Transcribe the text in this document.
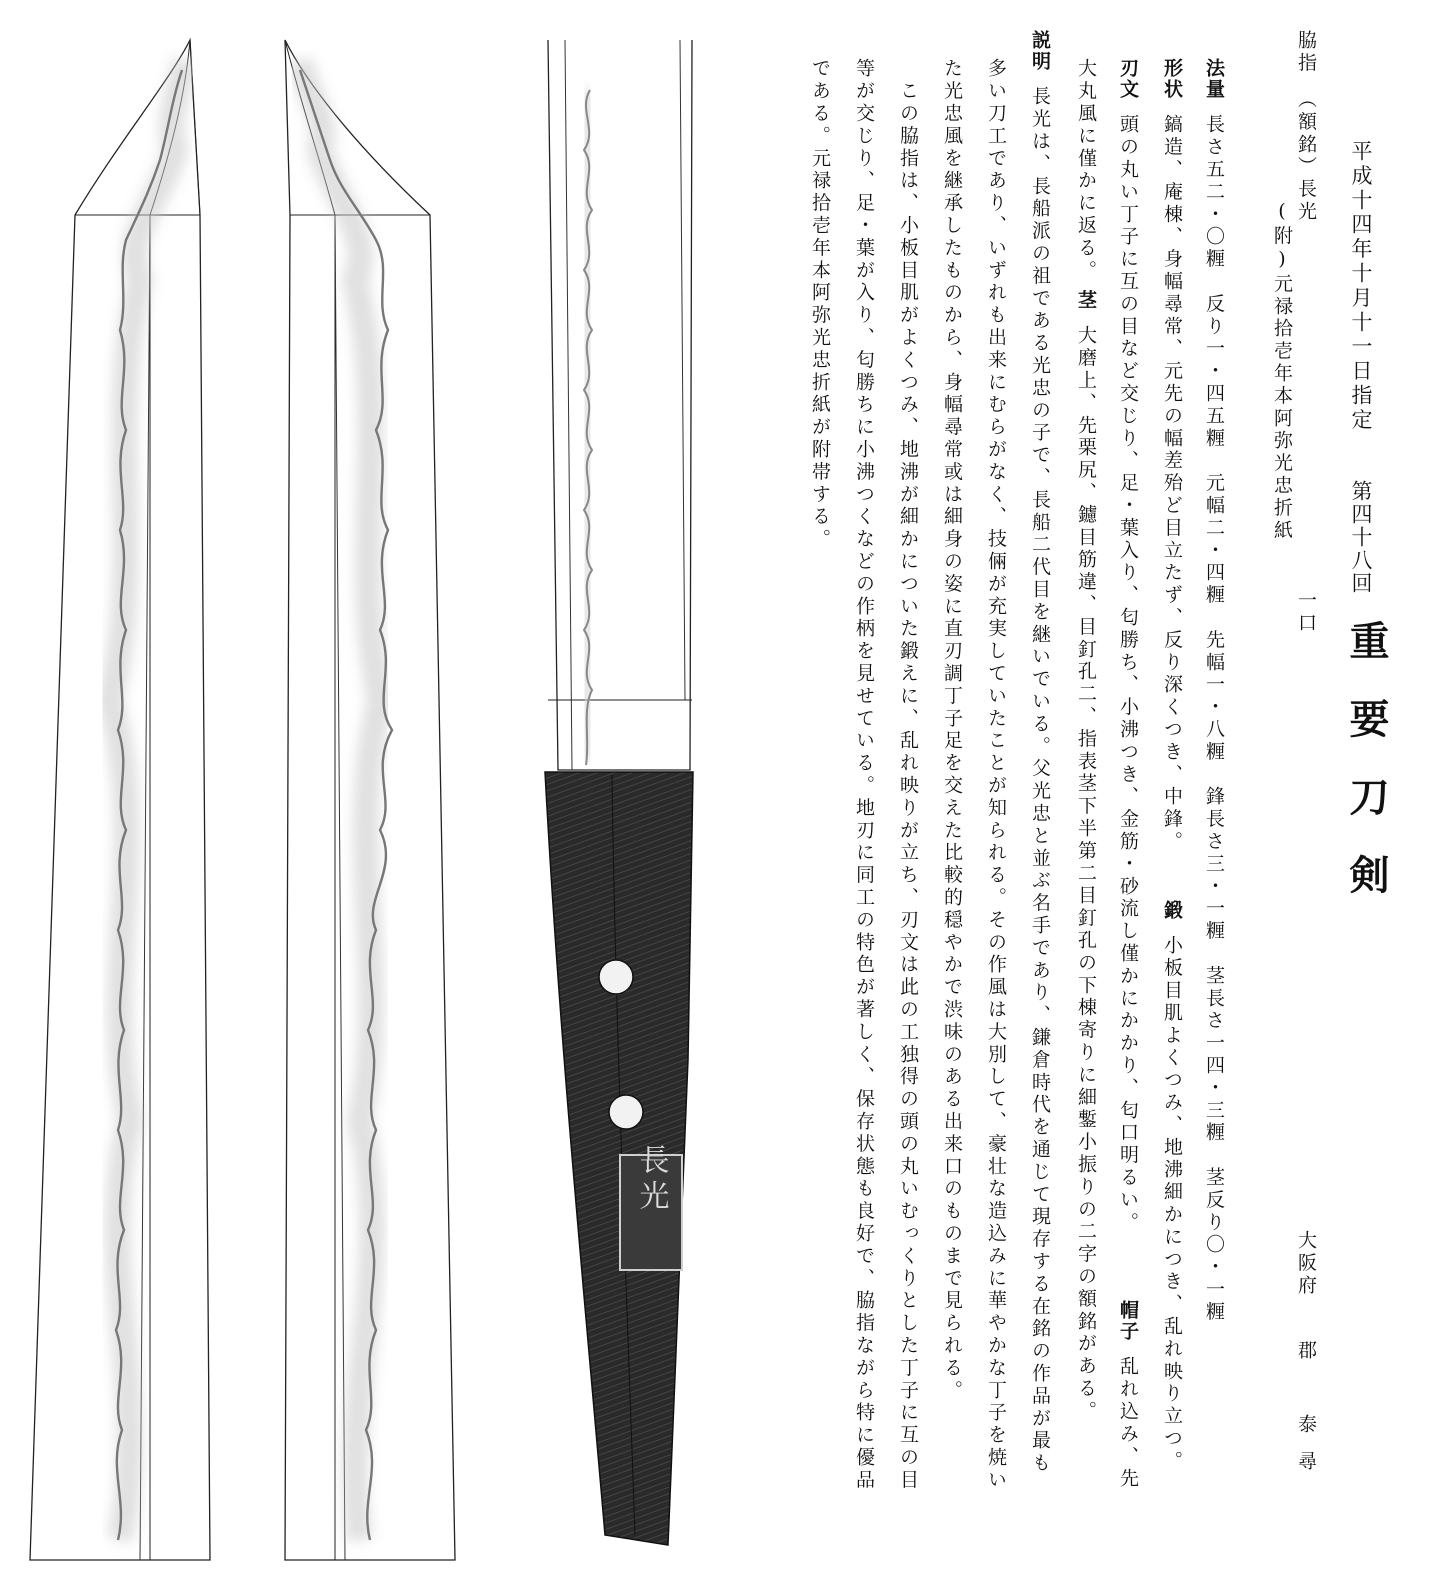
長光
平成十四年十月十一日指定
第四十八回
重要刀剣
脇指（額銘）長光
(附)元禄拾壱年本阿弥光忠折紙
一口
大阪府
郡　泰尋
法量長さ五二・〇糎　反り一・四五糎　元幅二・四糎　先幅一・八糎　鋒長さ三・一糎　茎長さ一四・三糎　茎反り〇・一糎
形状鎬造、庵棟、身幅尋常、元先の幅差殆ど目立たず、反り深くつき、中鋒。
鍛小板目肌よくつみ、地沸細かにつき、乱れ映り立つ。
刃文頭の丸い丁子に互の目など交じり、足・葉入り、匂勝ち、小沸つき、金筋・砂流し僅かにかかり、匂口明るい。
帽子乱れ込み、先
大丸風に僅かに返る。
茎大磨上、先栗尻、鑢目筋違、目釘孔二、指表茎下半第二目釘孔の下棟寄りに細鏨小振りの二字の額銘がある。
説明長光は、長船派の祖である光忠の子で、長船二代目を継いでいる。父光忠と並ぶ名手であり、鎌倉時代を通じて現存する在銘の作品が最も
多い刀工であり、いずれも出来にむらがなく、技倆が充実していたことが知られる。その作風は大別して、豪壮な造込みに華やかな丁子を焼い
た光忠風を継承したものから、身幅尋常或は細身の姿に直刃調丁子足を交えた比較的穏やかで渋味のある出来口のものまで見られる。
　この脇指は、小板目肌がよくつみ、地沸が細かについた鍛えに、乱れ映りが立ち、刃文は此の工独得の頭の丸いむっくりとした丁子に互の目
等が交じり、足・葉が入り、匂勝ちに小沸つくなどの作柄を見せている。地刃に同工の特色が著しく、保存状態も良好で、脇指ながら特に優品
である。元禄拾壱年本阿弥光忠折紙が附帯する。
